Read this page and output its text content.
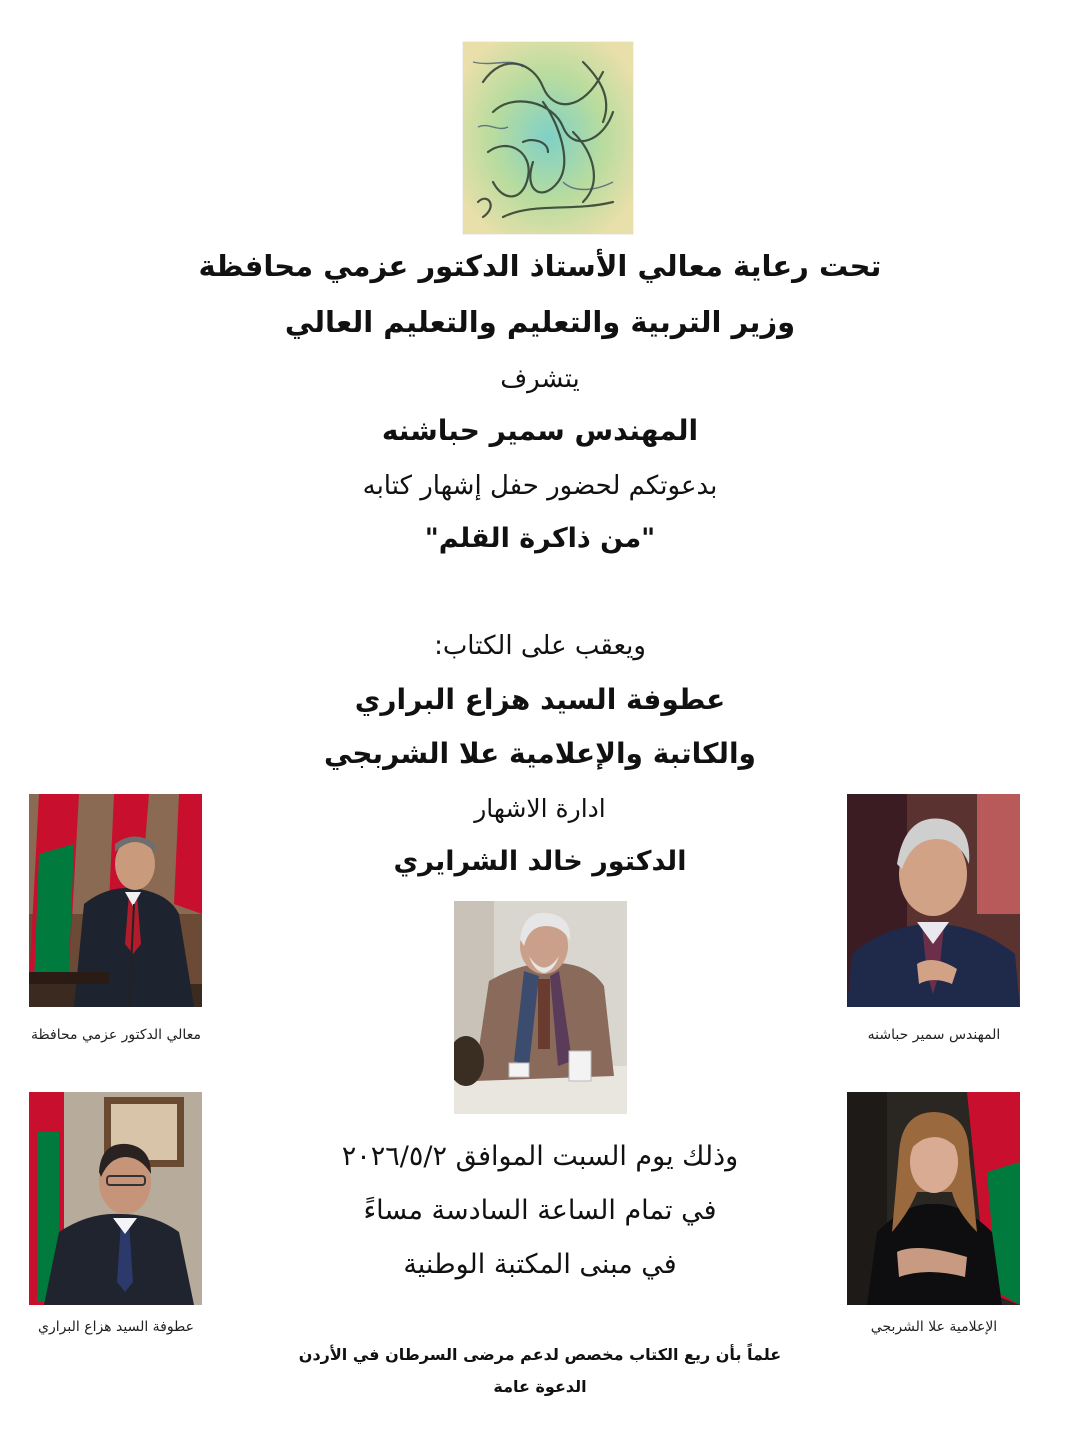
تحت رعاية معالي الأستاذ الدكتور عزمي محافظة
وزير التربية والتعليم والتعليم العالي
يتشرف
المهندس سمير حباشنه
بدعوتكم لحضور حفل إشهار كتابه
"من ذاكرة القلم"
ويعقب على الكتاب:
عطوفة السيد هزاع البراري
والكاتبة والإعلامية علا الشربجي
ادارة الاشهار
الدكتور خالد الشرايري
معالي الدكتور عزمي محافظة	المهندس سمير حباشنه
عطوفة السيد هزاع البراري	الإعلامية علا الشربجي
وذلك يوم السبت الموافق ٢٠٢٦/٥/٢
في تمام الساعة السادسة مساءً
في مبنى المكتبة الوطنية
علماً بأن ريع الكتاب مخصص لدعم مرضى السرطان في الأردن
الدعوة عامة
